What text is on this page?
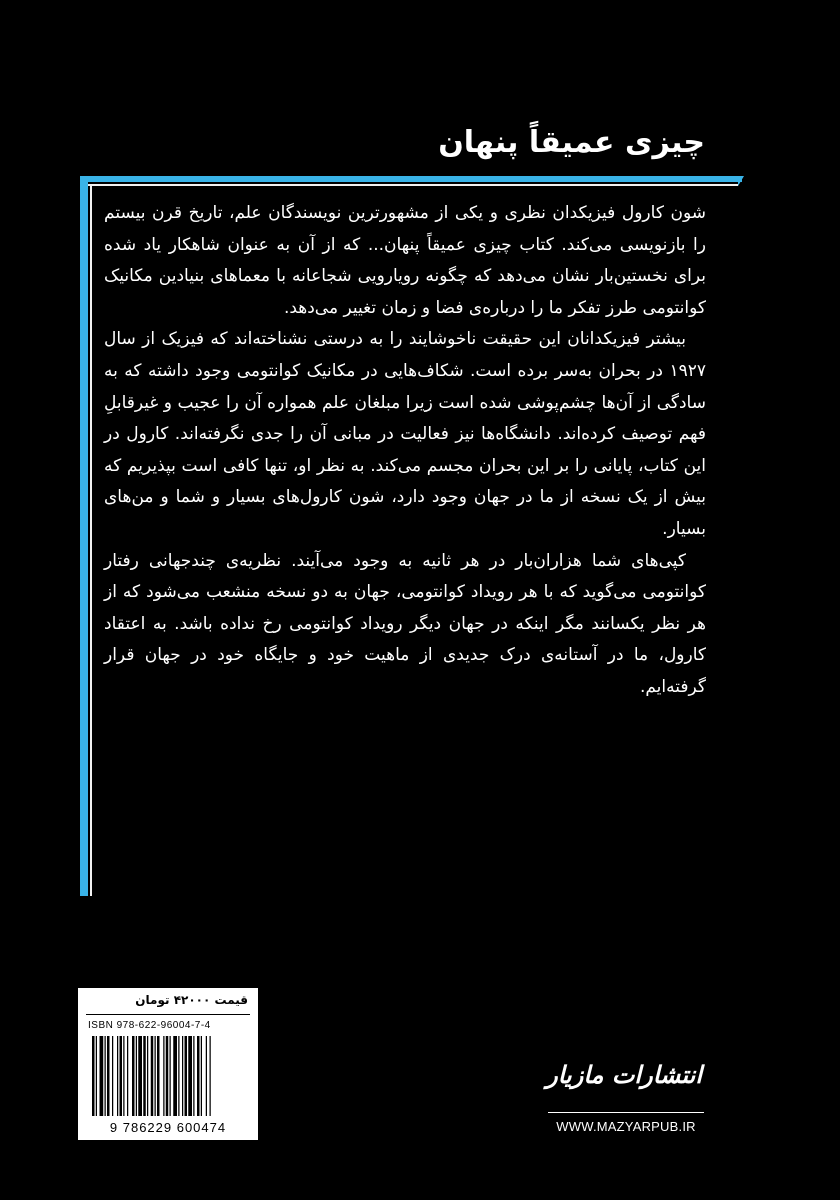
چیزی عمیقاً پنهان

شون کارول فیزیکدان نظری و یکی از مشهورترین نویسندگان علم، تاریخ قرن بیستم را بازنویسی می‌کند. کتاب چیزی عمیقاً پنهان... که از آن به عنوان شاهکار یاد شده برای نخستین‌بار نشان می‌دهد که چگونه رویارویی شجاعانه با معماهای بنیادین مکانیک کوانتومی طرز تفکر ما را درباره‌ی فضا و زمان تغییر می‌دهد.

بیشتر فیزیکدانان این حقیقت ناخوشایند را به درستی نشناخته‌اند که فیزیک از سال ۱۹۲۷ در بحران به‌سر برده است. شکاف‌هایی در مکانیک کوانتومی وجود داشته که به سادگی از آن‌ها چشم‌پوشی شده است زیرا مبلغان علم همواره آن را عجیب و غیرقابلِ فهم توصیف کرده‌اند. دانشگاه‌ها نیز فعالیت در مبانی آن را جدی نگرفته‌اند. کارول در این کتاب، پایانی را بر این بحران مجسم می‌کند. به نظر او، تنها کافی است بپذیریم که بیش از یک نسخه از ما در جهان وجود دارد، شون کارول‌های بسیار و شما و من‌های بسیار.

کپی‌های شما هزاران‌بار در هر ثانیه به وجود می‌آیند. نظریه‌ی چندجهانی رفتار کوانتومی می‌گوید که با هر رویداد کوانتومی، جهان به دو نسخه منشعب می‌شود که از هر نظر یکسانند مگر اینکه در جهان دیگر رویداد کوانتومی رخ نداده باشد. به اعتقاد کارول، ما در آستانه‌ی درک جدیدی از ماهیت خود و جایگاه خود در جهان قرار گرفته‌ایم.

قیمت ۴۲۰۰۰ تومان
ISBN 978-622-96004-7-4
9 786229 600474
انتشارات مازیار
WWW.MAZYARPUB.IR
